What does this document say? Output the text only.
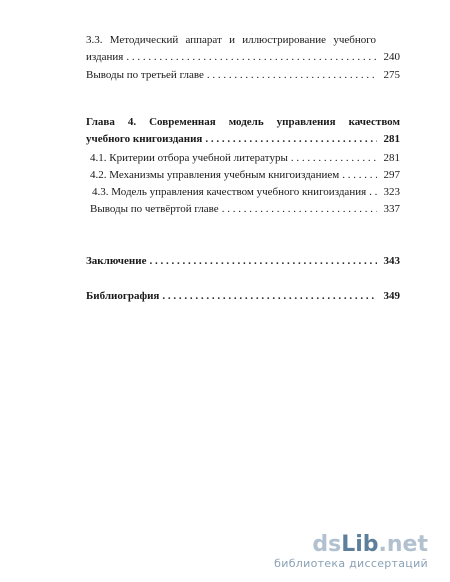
3.3. Методический аппарат и иллюстрирование учебного
издания . . .	240
Выводы по третьей главе . . .	275
Глава 4. Современная модель управления качеством
учебного книгоиздания . . .	281
4.1. Критерии отбора учебной литературы . . .	281
4.2. Механизмы управления учебным книгоизданием . . .	297
4.3. Модель управления качеством учебного книгоиздания . . .	323
Выводы по четвёртой главе . . .	337
Заключение . . .	343
Библиография . . .	349
dsLib.net
библиотека диссертаций
